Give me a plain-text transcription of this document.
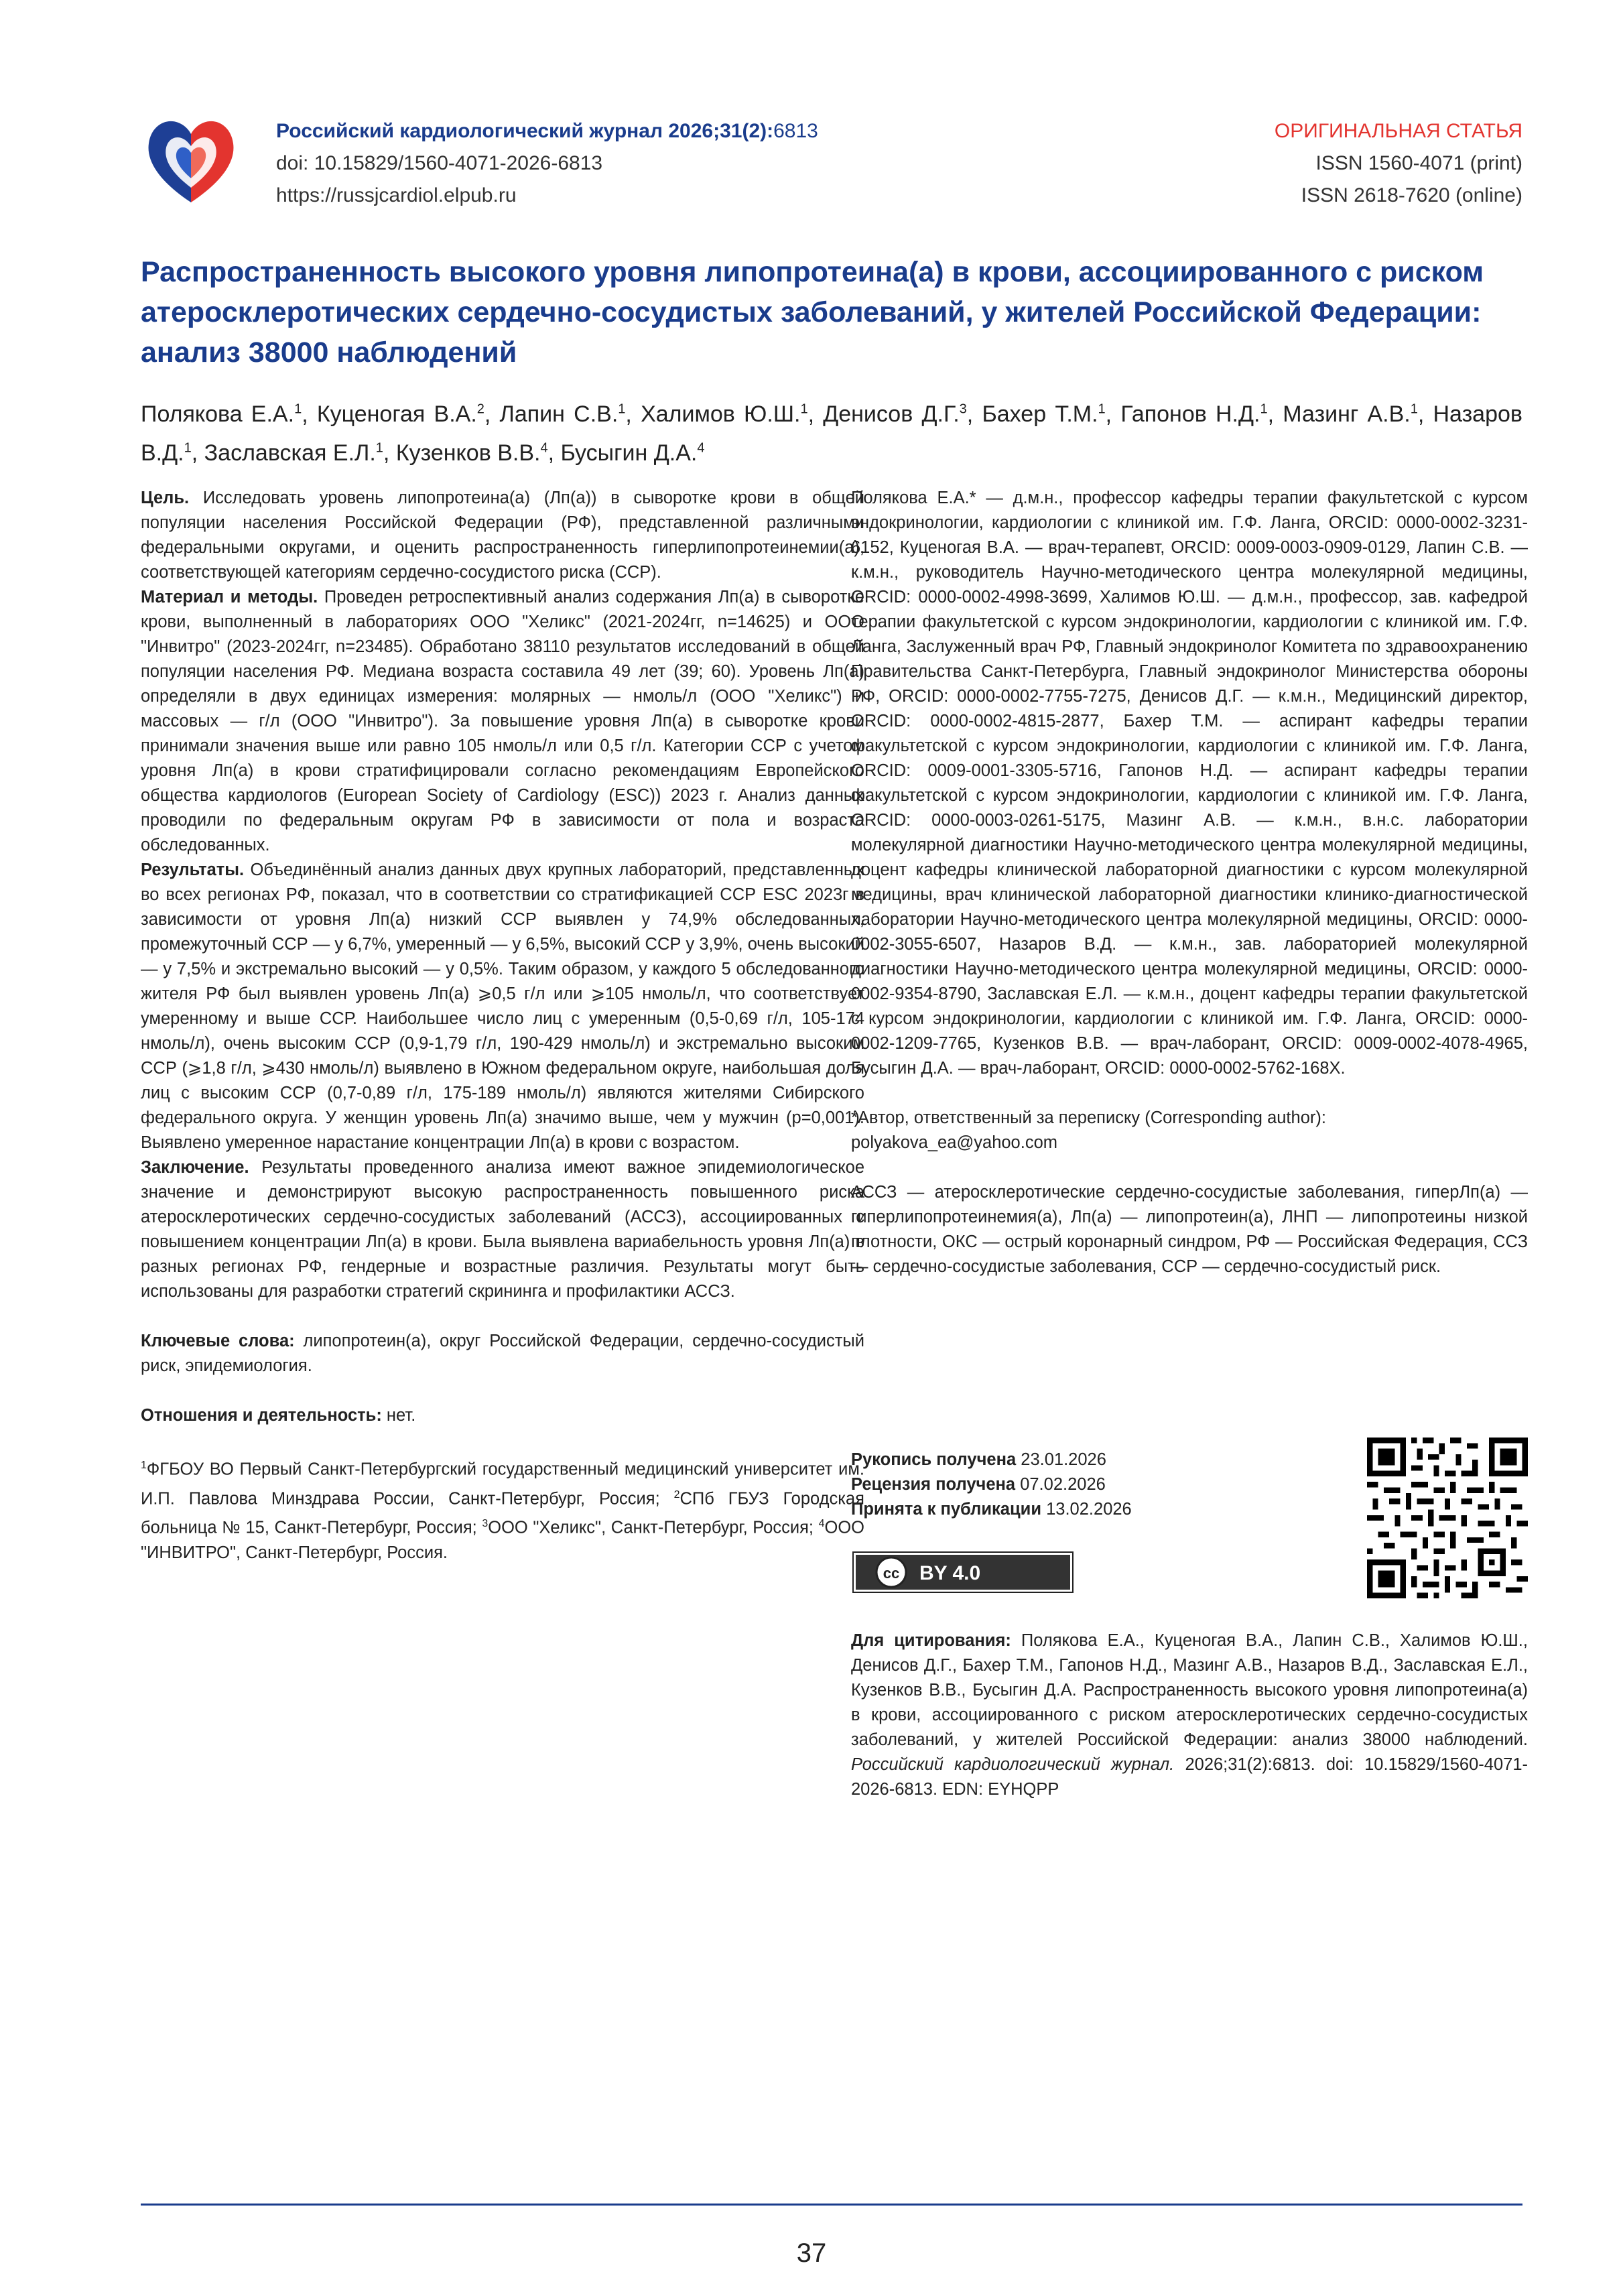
Российский кардиологический журнал 2026;31(2):6813
doi: 10.15829/1560-4071-2026-6813
https://russjcardiol.elpub.ru
ОРИГИНАЛЬНАЯ СТАТЬЯ
ISSN 1560-4071 (print)
ISSN 2618-7620 (online)
Распространенность высокого уровня липопротеина(а) в крови, ассоциированного с риском атеросклеротических сердечно-сосудистых заболеваний, у жителей Российской Федерации: анализ 38000 наблюдений
Полякова Е.А.$^1$, Куценогая В.А.$^2$, Лапин С.В.$^1$, Халимов Ю.Ш.$^1$, Денисов Д.Г.$^3$, Бахер Т.М.$^1$, Гапонов Н.Д.$^1$, Мазинг А.В.$^1$, Назаров В.Д.$^1$, Заславская Е.Л.$^1$, Кузенков В.В.$^4$, Бусыгин Д.А.$^4$

Цель. Исследовать уровень липопротеина(а) (Лп(а)) в сыворотке крови в общей популяции населения Российской Федерации (РФ), представленной различными федеральными округами, и оценить распространенность гиперлипопротеинемии(а), соответствующей категориям сердечно-сосудистого риска (ССР).

Материал и методы. Проведен ретроспективный анализ содержания Лп(а) в сыворотке крови, выполненный в лабораториях ООО "Хеликс" (2021-2024гг, n=14625) и ООО "Инвитро" (2023-2024гг, n=23485). Обработано 38110 результатов исследований в общей популяции населения РФ. Медиана возраста составила 49 лет (39; 60). Уровень Лп(а) определяли в двух единицах измерения: молярных — нмоль/л (ООО "Хеликс") и массовых — г/л (ООО "Инвитро"). За повышение уровня Лп(а) в сыворотке крови принимали значения выше или равно 105 нмоль/л или 0,5 г/л. Категории ССР с учетом уровня Лп(а) в крови стратифицировали согласно рекомендациям Европейского общества кардиологов (European Society of Cardiology (ESC)) 2023 г. Анализ данных проводили по федеральным округам РФ в зависимости от пола и возраста обследованных.

Результаты. Объединённый анализ данных двух крупных лабораторий, представленных во всех регионах РФ, показал, что в соответствии со стратификацией ССР ESC 2023г в зависимости от уровня Лп(а) низкий ССР выявлен у 74,9% обследованных, промежуточный ССР — у 6,7%, умеренный — у 6,5%, высокий ССР у 3,9%, очень высокий — у 7,5% и экстремально высокий — у 0,5%. Таким образом, у каждого 5 обследованного жителя РФ был выявлен уровень Лп(а) ⩾0,5 г/л или ⩾105 нмоль/л, что соответствует умеренному и выше ССР. Наибольшее число лиц с умеренным (0,5-0,69 г/л, 105-174 нмоль/л), очень высоким ССР (0,9-1,79 г/л, 190-429 нмоль/л) и экстремально высоким ССР (⩾1,8 г/л, ⩾430 нмоль/л) выявлено в Южном федеральном округе, наибольшая доля лиц с высоким ССР (0,7-0,89 г/л, 175-189 нмоль/л) являются жителями Сибирского федерального округа. У женщин уровень Лп(а) значимо выше, чем у мужчин (p=0,001). Выявлено умеренное нарастание концентрации Лп(а) в крови с возрастом.

Заключение. Результаты проведенного анализа имеют важное эпидемиологическое значение и демонстрируют высокую распространенность повышенного риска атеросклеротических сердечно-сосудистых заболеваний (АССЗ), ассоциированных с повышением концентрации Лп(а) в крови. Была выявлена вариабельность уровня Лп(а) в разных регионах РФ, гендерные и возрастные различия. Результаты могут быть использованы для разработки стратегий скрининга и профилактики АССЗ.

Ключевые слова: липопротеин(а), округ Российской Федерации, сердечно-сосудистый риск, эпидемиология.

Отношения и деятельность: нет.

$^1$ФГБОУ ВО Первый Санкт-Петербургский государственный медицинский университет им. И.П. Павлова Минздрава России, Санкт-Петербург, Россия; $^2$СПб ГБУЗ Городская больница № 15, Санкт-Петербург, Россия; $^3$ООО "Хеликс", Санкт-Петербург, Россия; $^4$ООО "ИНВИТРО", Санкт-Петербург, Россия.

Полякова Е.А.* — д.м.н., профессор кафедры терапии факультетской с курсом эндокринологии, кардиологии с клиникой им. Г.Ф. Ланга, ORCID: 0000-0002-3231-6152, Куценогая В.А. — врач-терапевт, ORCID: 0009-0003-0909-0129, Лапин С.В. — к.м.н., руководитель Научно-методического центра молекулярной медицины, ORCID: 0000-0002-4998-3699, Халимов Ю.Ш. — д.м.н., профессор, зав. кафедрой терапии факультетской с курсом эндокринологии, кардиологии с клиникой им. Г.Ф. Ланга, Заслуженный врач РФ, Главный эндокринолог Комитета по здравоохранению Правительства Санкт-Петербурга, Главный эндокринолог Министерства обороны РФ, ORCID: 0000-0002-7755-7275, Денисов Д.Г. — к.м.н., Медицинский директор, ORCID: 0000-0002-4815-2877, Бахер Т.М. — аспирант кафедры терапии факультетской с курсом эндокринологии, кардиологии с клиникой им. Г.Ф. Ланга, ORCID: 0009-0001-3305-5716, Гапонов Н.Д. — аспирант кафедры терапии факультетской с курсом эндокринологии, кардиологии с клиникой им. Г.Ф. Ланга, ORCID: 0000-0003-0261-5175, Мазинг А.В. — к.м.н., в.н.с. лаборатории молекулярной диагностики Научно-методического центра молекулярной медицины, доцент кафедры клинической лабораторной диагностики с курсом молекулярной медицины, врач клинической лабораторной диагностики клинико-диагностической лаборатории Научно-методического центра молекулярной медицины, ORCID: 0000-0002-3055-6507, Назаров В.Д. — к.м.н., зав. лабораторией молекулярной диагностики Научно-методического центра молекулярной медицины, ORCID: 0000-0002-9354-8790, Заславская Е.Л. — к.м.н., доцент кафедры терапии факультетской с курсом эндокринологии, кардиологии с клиникой им. Г.Ф. Ланга, ORCID: 0000-0002-1209-7765, Кузенков В.В. — врач-лаборант, ORCID: 0009-0002-4078-4965, Бусыгин Д.А. — врач-лаборант, ORCID: 0000-0002-5762-168X.

*Автор, ответственный за переписку (Corresponding author):

polyakova_ea@yahoo.com

АССЗ — атеросклеротические сердечно-сосудистые заболевания, гиперЛп(а) — гиперлипопротеинемия(а), Лп(а) — липопротеин(а), ЛНП — липопротеины низкой плотности, ОКС — острый коронарный синдром, РФ — Российская Федерация, ССЗ — сердечно-сосудистые заболевания, ССР — сердечно-сосудистый риск.

Рукопись получена 23.01.2026
Рецензия получена 07.02.2026
Принята к публикации 13.02.2026
cc BY 4.0

Для цитирования: Полякова Е.А., Куценогая В.А., Лапин С.В., Халимов Ю.Ш., Денисов Д.Г., Бахер Т.М., Гапонов Н.Д., Мазинг А.В., Назаров В.Д., Заславская Е.Л., Кузенков В.В., Бусыгин Д.А. Распространенность высокого уровня липопротеина(а) в крови, ассоциированного с риском атеросклеротических сердечно-сосудистых заболеваний, у жителей Российской Федерации: анализ 38000 наблюдений. Российский кардиологический журнал. 2026;31(2):6813. doi: 10.15829/1560-4071-2026-6813. EDN: EYHQPP

37
